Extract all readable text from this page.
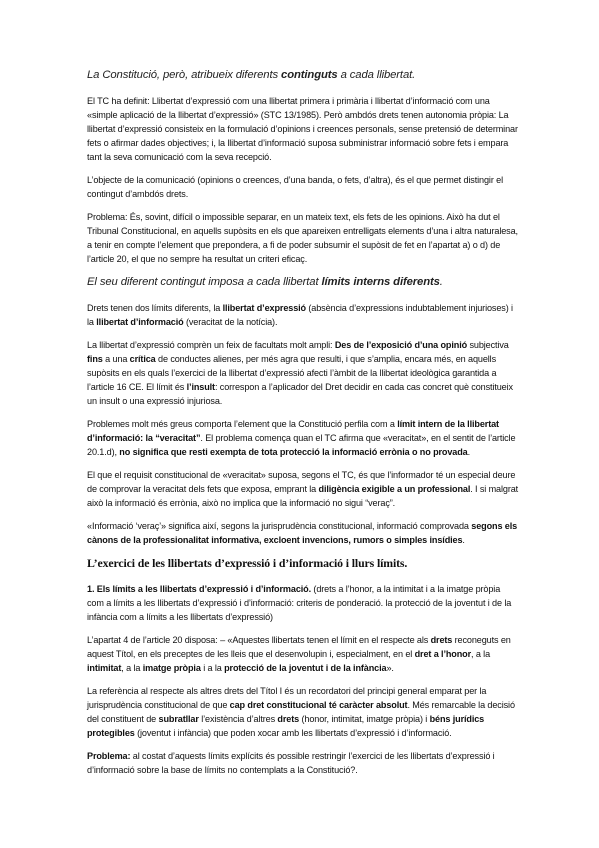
La Constitució, però, atribueix diferents continguts a cada llibertat.

El TC ha definit: Llibertat d’expressió com una llibertat primera i primària i llibertat d’informació com una «simple aplicació de la llibertat d’expressió» (STC 13/1985). Però ambdós drets tenen autonomia pròpia: La llibertat d’expressió consisteix en la formulació d’opinions i creences personals, sense pretensió de determinar fets o afirmar dades objectives; i, la llibertat d’informació suposa subministrar informació sobre fets i empara tant la seva comunicació com la seva recepció.

L’objecte de la comunicació (opinions o creences, d’una banda, o fets, d’altra), és el que permet distingir el contingut d’ambdós drets.

Problema: És, sovint, difícil o impossible separar, en un mateix text, els fets de les opinions. Això ha dut el Tribunal Constitucional, en aquells supòsits en els que apareixen entrelligats elements d’una i altra naturalesa, a tenir en compte l’element que prepondera, a fi de poder subsumir el supòsit de fet en l’apartat a) o d) de l’article 20, el que no sempre ha resultat un criteri eficaç.

El seu diferent contingut imposa a cada llibertat límits interns diferents.

Drets tenen dos límits diferents, la llibertat d’expressió (absència d’expressions indubtablement injurioses) i la llibertat d’informació (veracitat de la notícia).

La llibertat d’expressió comprèn un feix de facultats molt ampli: Des de l’exposició d’una opinió subjectiva fins a una crítica de conductes alienes, per més agra que resulti, i que s’amplia, encara més, en aquells supòsits en els quals l’exercici de la llibertat d’expressió afecti l’àmbit de la llibertat ideològica garantida a l’article 16 CE. El límit és l’insult: correspon a l’aplicador del Dret decidir en cada cas concret què constitueix un insult o una expressió injuriosa.

Problemes molt més greus comporta l’element que la Constitució perfila com a límit intern de la llibertat d’informació: la “veracitat”. El problema comença quan el TC afirma que «veracitat», en el sentit de l’article 20.1.d), no significa que resti exempta de tota protecció la informació errònia o no provada.

El que el requisit constitucional de «veracitat» suposa, segons el TC, és que l’informador té un especial deure de comprovar la veracitat dels fets que exposa, emprant la diligència exigible a un professional. I si malgrat això la informació és errònia, això no implica que la informació no sigui “veraç”.

«Informació ‘veraç’» significa així, segons la jurisprudència constitucional, informació comprovada segons els cànons de la professionalitat informativa, excloent invencions, rumors o simples insídies.

L’exercici de les llibertats d’expressió i d’informació i llurs límits.

1. Els límits a les llibertats d’expressió i d’informació. (drets a l’honor, a la intimitat i a la imatge pròpia com a límits a les llibertats d’expressió i d’informació: criteris de ponderació. la protecció de la joventut i de la infància com a límits a les llibertats d’expressió)

L’apartat 4 de l’article 20 disposa: – «Aquestes llibertats tenen el límit en el respecte als drets reconeguts en aquest Títol, en els preceptes de les lleis que el desenvolupin i, especialment, en el dret a l’honor, a la intimitat, a la imatge pròpia i a la protecció de la joventut i de la infància».

La referència al respecte als altres drets del Títol I és un recordatori del principi general emparat per la jurisprudència constitucional de que cap dret constitucional té caràcter absolut. Més remarcable la decisió del constituent de subratllar l’existència d’altres drets (honor, intimitat, imatge pròpia) i béns jurídics protegibles (joventut i infància) que poden xocar amb les llibertats d’expressió i d’informació.

Problema: al costat d’aquests límits explícits és possible restringir l’exercici de les llibertats d’expressió i d’informació sobre la base de límits no contemplats a la Constitució?.
